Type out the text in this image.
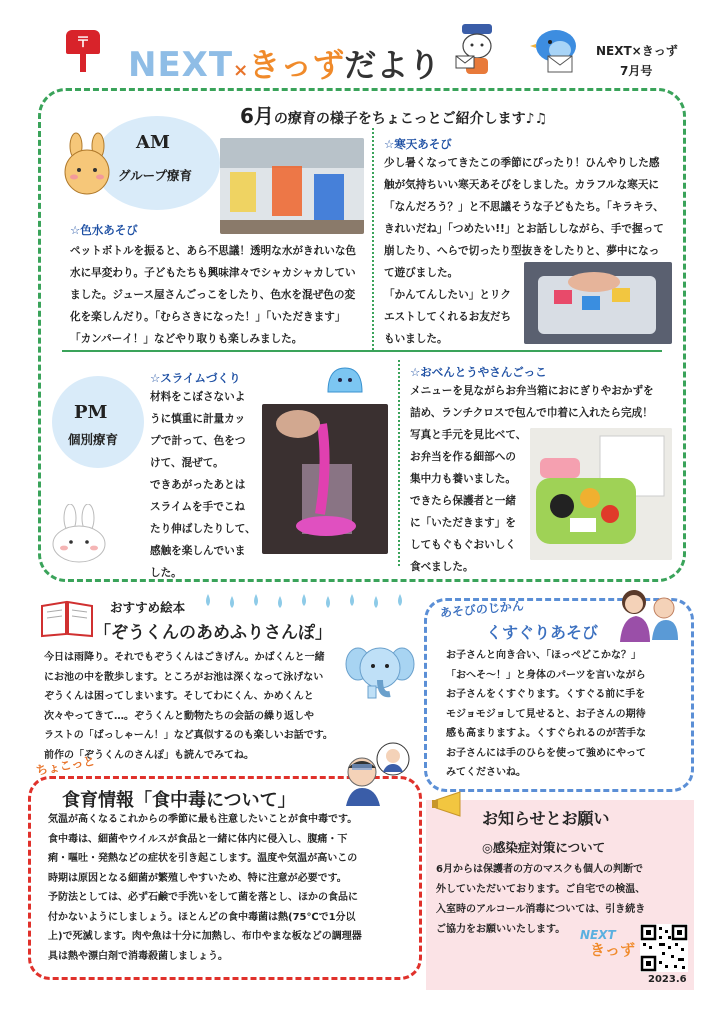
〒
NEXT×きっずだより	NEXT×きっず
7月号
6月の療育の様子をちょこっとご紹介します♪♫
AM
グループ療育
☆色水あそび
ペットボトルを振ると、あら不思議！透明な水がきれいな色
水に早変わり。子どもたちも興味津々でシャカシャカしてい
ました。ジュース屋さんごっこをしたり、色水を混ぜ色の変
化を楽しんだり。「むらさきになった！」「いただきます」
「カンパーイ！」などやり取りも楽しみました。
☆寒天あそび
少し暑くなってきたこの季節にぴったり！ひんやりした感
触が気持ちいい寒天あそびをしました。カラフルな寒天に
「なんだろう？」と不思議そうな子どもたち。「キラキラ、
きれいだね」「つめたい!!」とお話ししながら、手で握って
崩したり、へらで切ったり型抜きをしたりと、夢中になっ
て遊びました。
「かんてんしたい」とリク
エストしてくれるお友だち
もいました。
PM
個別療育
☆スライムづくり
材料をこぼさないよ
うに慎重に計量カッ
プで計って、色をつ
けて、混ぜて。
できあがったあとは
スライムを手でこね
たり伸ばしたりして、
感触を楽しんでいま
した。
☆おべんとうやさんごっこ
メニューを見ながらお弁当箱におにぎりやおかずを
詰め、ランチクロスで包んで巾着に入れたら完成！
写真と手元を見比べて、
お弁当を作る細部への
集中力も養いました。
できたら保護者と一緒
に「いただきます」を
してもぐもぐおいしく
食べました。
おすすめ絵本
「ぞうくんのあめふりさんぽ」
今日は雨降り。それでもぞうくんはごきげん。かばくんと一緒
にお池の中を散歩します。ところがお池は深くなって泳げない
ぞうくんは困ってしまいます。そしてわにくん、かめくんと
次々やってきて…。ぞうくんと動物たちの会話の繰り返しや
ラストの「ばっしゃーん！」など真似するのも楽しいお話です。
前作の「ぞうくんのさんぽ」も読んでみてね。
あそびのじかん
くすぐりあそび
お子さんと向き合い、「ほっぺどこかな？」
「おへそ～！」と身体のパーツを言いながら
お子さんをくすぐります。くすぐる前に手を
モジョモジョして見せると、お子さんの期待
感も高まりますよ。くすぐられるのが苦手な
お子さんには手のひらを使って強めにやって
みてくださいね。
ちょこっと
食育情報「食中毒について」
気温が高くなるこれからの季節に最も注意したいことが食中毒です。
食中毒は、細菌やウイルスが食品と一緒に体内に侵入し、腹痛・下
痢・嘔吐・発熱などの症状を引き起こします。温度や気温が高いこの
時期は原因となる細菌が繁殖しやすいため、特に注意が必要です。
予防法としては、必ず石鹸で手洗いをして菌を落とし、ほかの食品に
付かないようにしましょう。ほとんどの食中毒菌は熱(75℃で1分以
上)で死滅します。肉や魚は十分に加熱し、布巾やまな板などの調理器
具は熱や漂白剤で消毒殺菌しましょう。
お知らせとお願い
◎感染症対策について
6月からは保護者の方のマスクも個人の判断で
外していただいております。ご自宅での検温、
入室時のアルコール消毒については、引き続き
ご協力をお願いいたします。	NEXT
きっず
2023.6
